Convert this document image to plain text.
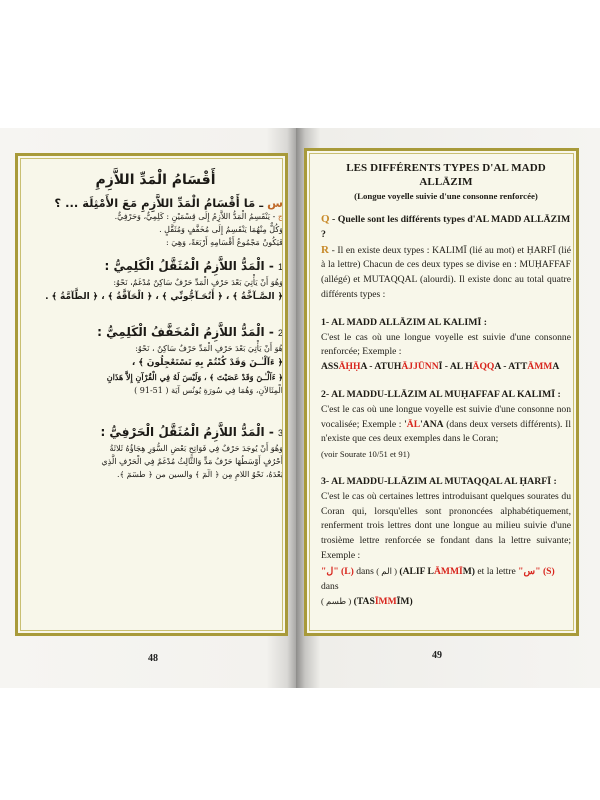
أَقْسَامُ الْمَدِّ اللاَّزِمِ
س ـ مَا أَقْسَامُ الْمَدِّ اللاَّزِمِ مَعَ الأَمْثِلَة ... ؟
ج - يَنْقَسِمُ الْمَدُّ اللاَّزِمُ إِلَى قِسْمَيْنِ : كَلِمِيٌّ، وَحَرْفِيٌّ.
وَكُلٌّ مِنْهُمَا يَنْقَسِمُ إِلَى مُخَفَّفٍ وَمُثَقَّلٍ .
فَيَكُونُ مَجْمُوعُ أَقْسَامِهِ أَرْبَعَةً، وَهِيَ :
1 - الْمَدُّ اللاَّزِمُ الْمُثَقَّلُ الْكَلِمِيُّ :
وَهُوَ أَنْ يَأْتِيَ بَعْدَ حَرْفِ الْمَدِّ حَرْفٌ سَاكِنٌ مُدْغَمٌ، نَحْوُ:
﴿ الصَّـآخَّةُ ﴾ ، ﴿ أَتُحَـآجُّونِّي ﴾ ، ﴿ الْحَآقَّةُ ﴾ ، ﴿ الطَّآمَّةُ ﴾ .
2 - الْمَدُّ اللاَّزِمُ الْمُخَفَّفُ الْكَلِمِيُّ :
هُوَ أَنْ يَأْتِيَ بَعْدَ حَرْفِ الْمَدِّ حَرْفٌ سَاكِنٌ ، نَحْوُ:
﴿ ءَآلْـٰـنَ وَقَدْ كُنْتُمْ بِهِ تَسْتَعْجِلُونَ ﴾ ،
﴿ ءَآلْـٰـنَ وَقَدْ عَصَيْتَ ﴾ ، وَلَيْسَ لَهُ فِي الْقُرْآنِ إِلاَّ هَذَانِ
الْمِثَالاَنِ، وَهُمَا فِي سُورَةِ يُونُس آيَة ( 51-91 )
3 - الْمَدُّ اللاَّزِمُ الْمُثَقَّلُ الْحَرْفِيُّ :
وَهُوَ أَنْ يُوجَدَ حَرْفٌ فِي فَوَاتِحِ بَعْضِ السُّوَرِ هِجَاؤُهُ ثَلاثَةُ
أَحْرُفٍ أَوْسَطُهَا حَرْفُ مَدٍّ وَالثَّالِثُ مُدْغَمٌ فِي الْحَرْفِ الَّذِي
بَعْدَهُ، نَحْوُ اللامِ مِن ﴿ الٓمٓ ﴾ والسين من ﴿ طسٓمٓ ﴾.
48
LES DIFFÉRENTS TYPES D'AL MADD
ALLĀZIM
(Longue voyelle suivie d'une consonne renforcée)
Q - Quelle sont les différents types d'AL MADD ALLĀZIM ?
R - Il en existe deux types : KALIMĪ (lié au mot) et ḤARFĪ (lié à la lettre) Chacun de ces deux types se divise en : MUḤAFFAF (allégé) et MUTAQQAL (alourdi). Il existe donc au total quatre différents types :
1- AL MADD ALLĀZIM AL KALIMĪ :
C'est le cas où une longue voyelle est suivie d'une consonne renforcée; Exemple :
ASSĀḤḤA - ATUHĀJJŪNNĪ - AL HĀQQA - ATTĀMMA
2- AL MADDU-LLĀZIM AL MUḤAFFAF AL KALIMĪ :
C'est le cas où une longue voyelle est suivie d'une consonne non vocalisée; Exemple : 'ĀL'ANA (dans deux versets différents). Il n'existe que ces deux exemples dans le Coran;
(voir Sourate 10/51 et 91)
3- AL MADDU-LLĀZIM AL MUTAQQAL AL ḤARFĪ :
C'est le cas où certaines lettres introduisant quelques sourates du Coran qui, lorsqu'elles sont prononcées alphabétiquement, renferment trois lettres dont une longue au milieu suivie d'une trosième lettre renforcée se fondant dans la lettre suivante; Exemple :
"ل" (L) dans ( الم ) (ALIF LĀMMĪM) et la lettre "س" (S) dans
( طسم ) (TASĪMMĪM)
49
